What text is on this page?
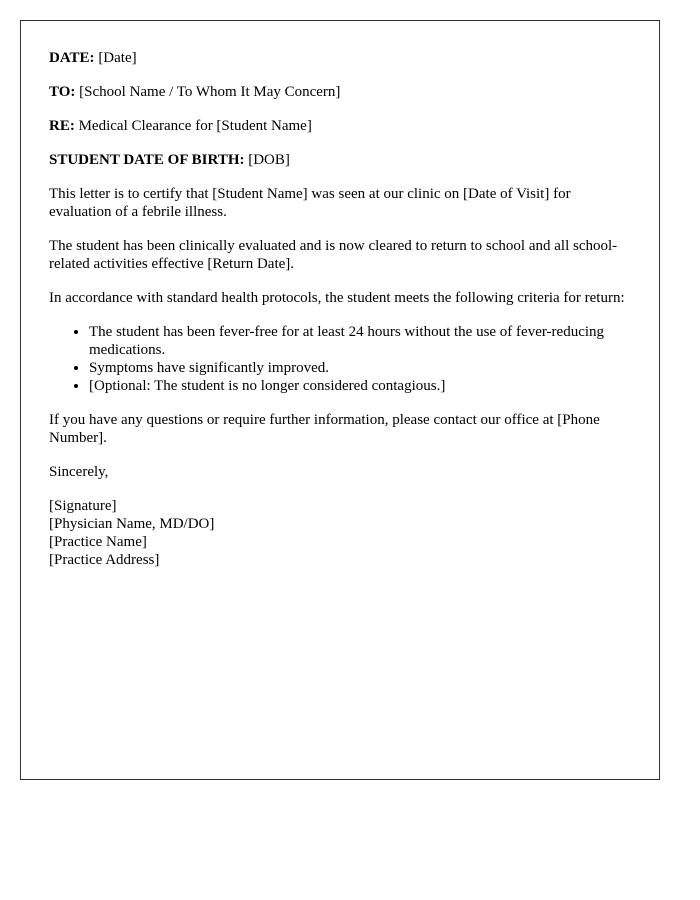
DATE: [Date]
TO: [School Name / To Whom It May Concern]
RE: Medical Clearance for [Student Name]
STUDENT DATE OF BIRTH: [DOB]
This letter is to certify that [Student Name] was seen at our clinic on [Date of Visit] for evaluation of a febrile illness.
The student has been clinically evaluated and is now cleared to return to school and all school-related activities effective [Return Date].
In accordance with standard health protocols, the student meets the following criteria for return:
• The student has been fever-free for at least 24 hours without the use of fever-reducing medications.
• Symptoms have significantly improved.
• [Optional: The student is no longer considered contagious.]
If you have any questions or require further information, please contact our office at [Phone Number].
Sincerely,
[Signature]
[Physician Name, MD/DO]
[Practice Name]
[Practice Address]
